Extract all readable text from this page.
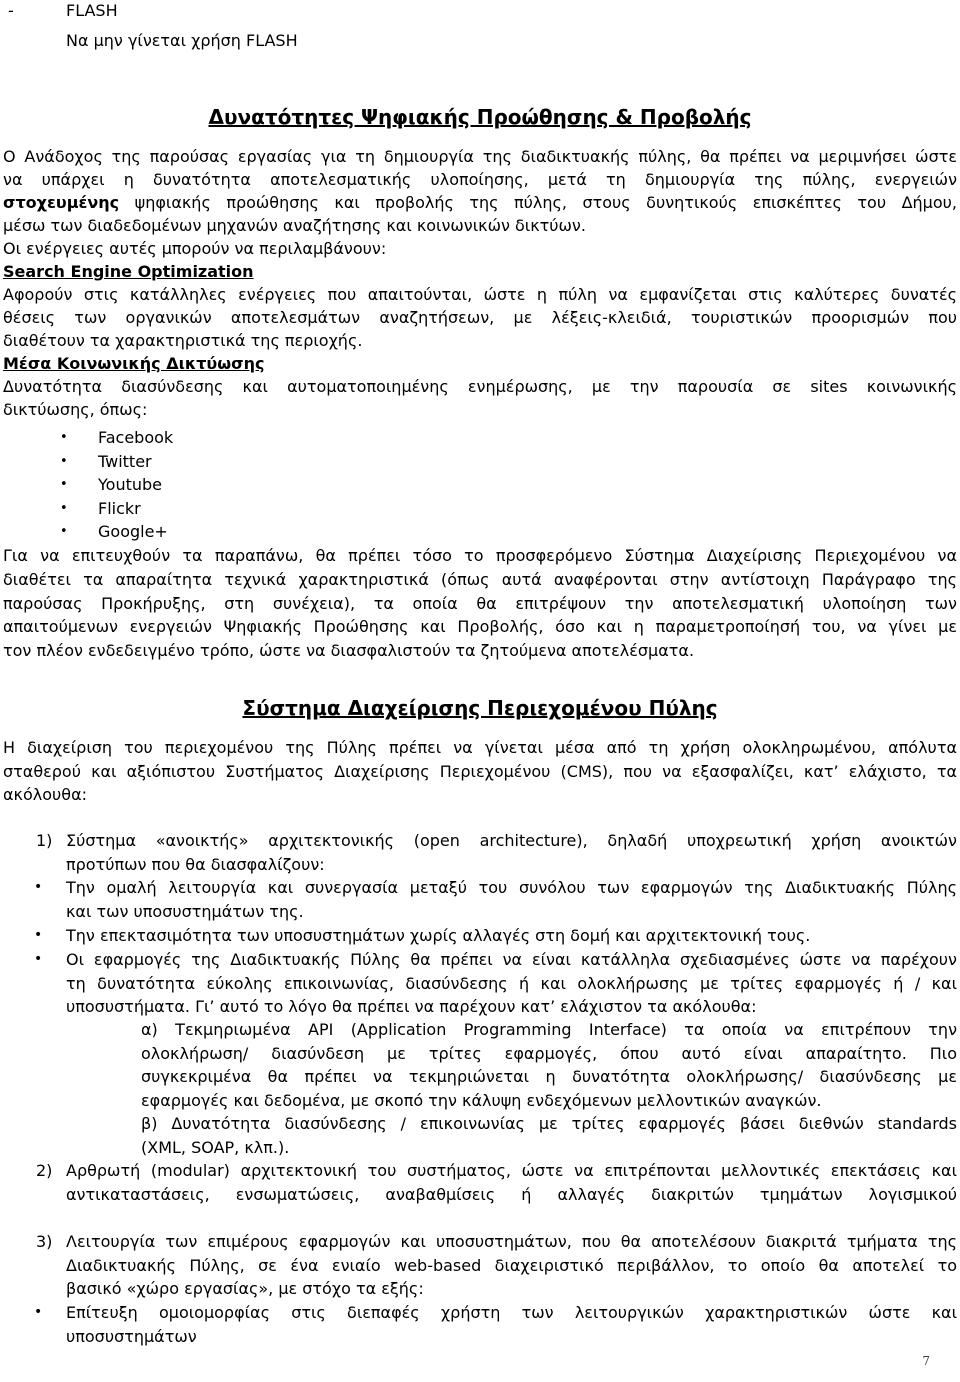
-	FLASH
Να μην γίνεται χρήση FLASH
Δυνατότητες Ψηφιακής Προώθησης & Προβολής
Ο Ανάδοχος της παρούσας εργασίας για τη δημιουργία της διαδικτυακής πύλης, θα πρέπει να μεριμνήσει ώστε
να υπάρχει η δυνατότητα αποτελεσματικής υλοποίησης, μετά τη δημιουργία της πύλης, ενεργειών
στοχευμένης ψηφιακής προώθησης και προβολής της πύλης, στους δυνητικούς επισκέπτες του Δήμου,
μέσω των διαδεδομένων μηχανών αναζήτησης και κοινωνικών δικτύων.
Οι ενέργειες αυτές μπορούν να περιλαμβάνουν:
Search Engine Optimization
Αφορούν στις κατάλληλες ενέργειες που απαιτούνται, ώστε η πύλη να εμφανίζεται στις καλύτερες δυνατές
θέσεις των οργανικών αποτελεσμάτων αναζητήσεων, με λέξεις-κλειδιά, τουριστικών προορισμών που
διαθέτουν τα χαρακτηριστικά της περιοχής.
Μέσα Κοινωνικής Δικτύωσης
Δυνατότητα διασύνδεσης και αυτοματοποιημένης ενημέρωσης, με την παρουσία σε sites κοινωνικής
δικτύωσης, όπως:
•	Facebook
•	Twitter
•	Youtube
•	Flickr
•	Google+
Για να επιτευχθούν τα παραπάνω, θα πρέπει τόσο το προσφερόμενο Σύστημα Διαχείρισης Περιεχομένου να
διαθέτει τα απαραίτητα τεχνικά χαρακτηριστικά (όπως αυτά αναφέρονται στην αντίστοιχη Παράγραφο της
παρούσας Προκήρυξης, στη συνέχεια), τα οποία θα επιτρέψουν την αποτελεσματική υλοποίηση των
απαιτούμενων ενεργειών Ψηφιακής Προώθησης και Προβολής, όσο και η παραμετροποίησή του, να γίνει με
τον πλέον ενδεδειγμένο τρόπο, ώστε να διασφαλιστούν τα ζητούμενα αποτελέσματα.
Σύστημα Διαχείρισης Περιεχομένου Πύλης
Η διαχείριση του περιεχομένου της Πύλης πρέπει να γίνεται μέσα από τη χρήση ολοκληρωμένου, απόλυτα
σταθερού και αξιόπιστου Συστήματος Διαχείρισης Περιεχομένου (CMS), που να εξασφαλίζει, κατ’ ελάχιστο, τα
ακόλουθα:
1) Σύστημα «ανοικτής» αρχιτεκτονικής (open architecture), δηλαδή υποχρεωτική χρήση ανοικτών
προτύπων που θα διασφαλίζουν:
• Την ομαλή λειτουργία και συνεργασία μεταξύ του συνόλου των εφαρμογών της Διαδικτυακής Πύλης
και των υποσυστημάτων της.
• Την επεκτασιμότητα των υποσυστημάτων χωρίς αλλαγές στη δομή και αρχιτεκτονική τους.
• Οι εφαρμογές της Διαδικτυακής Πύλης θα πρέπει να είναι κατάλληλα σχεδιασμένες ώστε να παρέχουν
τη δυνατότητα εύκολης επικοινωνίας, διασύνδεσης ή και ολοκλήρωσης με τρίτες εφαρμογές ή / και
υποσυστήματα. Γι’ αυτό το λόγο θα πρέπει να παρέχουν κατ’ ελάχιστον τα ακόλουθα:
α) Τεκμηριωμένα API (Application Programming Interface) τα οποία να επιτρέπουν την
ολοκλήρωση/ διασύνδεση με τρίτες εφαρμογές, όπου αυτό είναι απαραίτητο. Πιο
συγκεκριμένα θα πρέπει να τεκμηριώνεται η δυνατότητα ολοκλήρωσης/ διασύνδεσης με
εφαρμογές και δεδομένα, με σκοπό την κάλυψη ενδεχόμενων μελλοντικών αναγκών.
β) Δυνατότητα διασύνδεσης / επικοινωνίας με τρίτες εφαρμογές βάσει διεθνών standards
(XML, SOAP, κλπ.).
2) Αρθρωτή (modular) αρχιτεκτονική του συστήματος, ώστε να επιτρέπονται μελλοντικές επεκτάσεις και
αντικαταστάσεις, ενσωματώσεις, αναβαθμίσεις ή αλλαγές διακριτών τμημάτων λογισμικού
3) Λειτουργία των επιμέρους εφαρμογών και υποσυστημάτων, που θα αποτελέσουν διακριτά τμήματα της
Διαδικτυακής Πύλης, σε ένα ενιαίο web-based διαχειριστικό περιβάλλον, το οποίο θα αποτελεί το
βασικό «χώρο εργασίας», με στόχο τα εξής:
• Επίτευξη ομοιομορφίας στις διεπαφές χρήστη των λειτουργικών χαρακτηριστικών ώστε και
υποσυστημάτων
7
